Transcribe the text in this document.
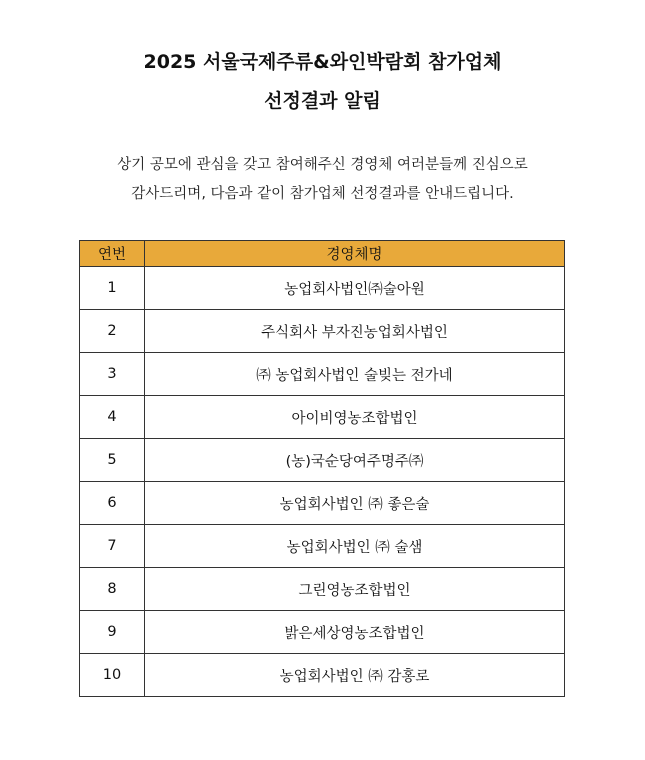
2025 서울국제주류&와인박람회 참가업체
선정결과 알림
상기 공모에 관심을 갖고 참여해주신 경영체 여러분들께 진심으로
감사드리며, 다음과 같이 참가업체 선정결과를 안내드립니다.
연번	경영체명
1	농업회사법인㈜술아원
2	주식회사 부자진농업회사법인
3	㈜ 농업회사법인 술빚는 전가네
4	아이비영농조합법인
5	(농)국순당여주명주㈜
6	농업회사법인 ㈜ 좋은술
7	농업회사법인 ㈜ 술샘
8	그린영농조합법인
9	밝은세상영농조합법인
10	농업회사법인 ㈜ 감홍로
